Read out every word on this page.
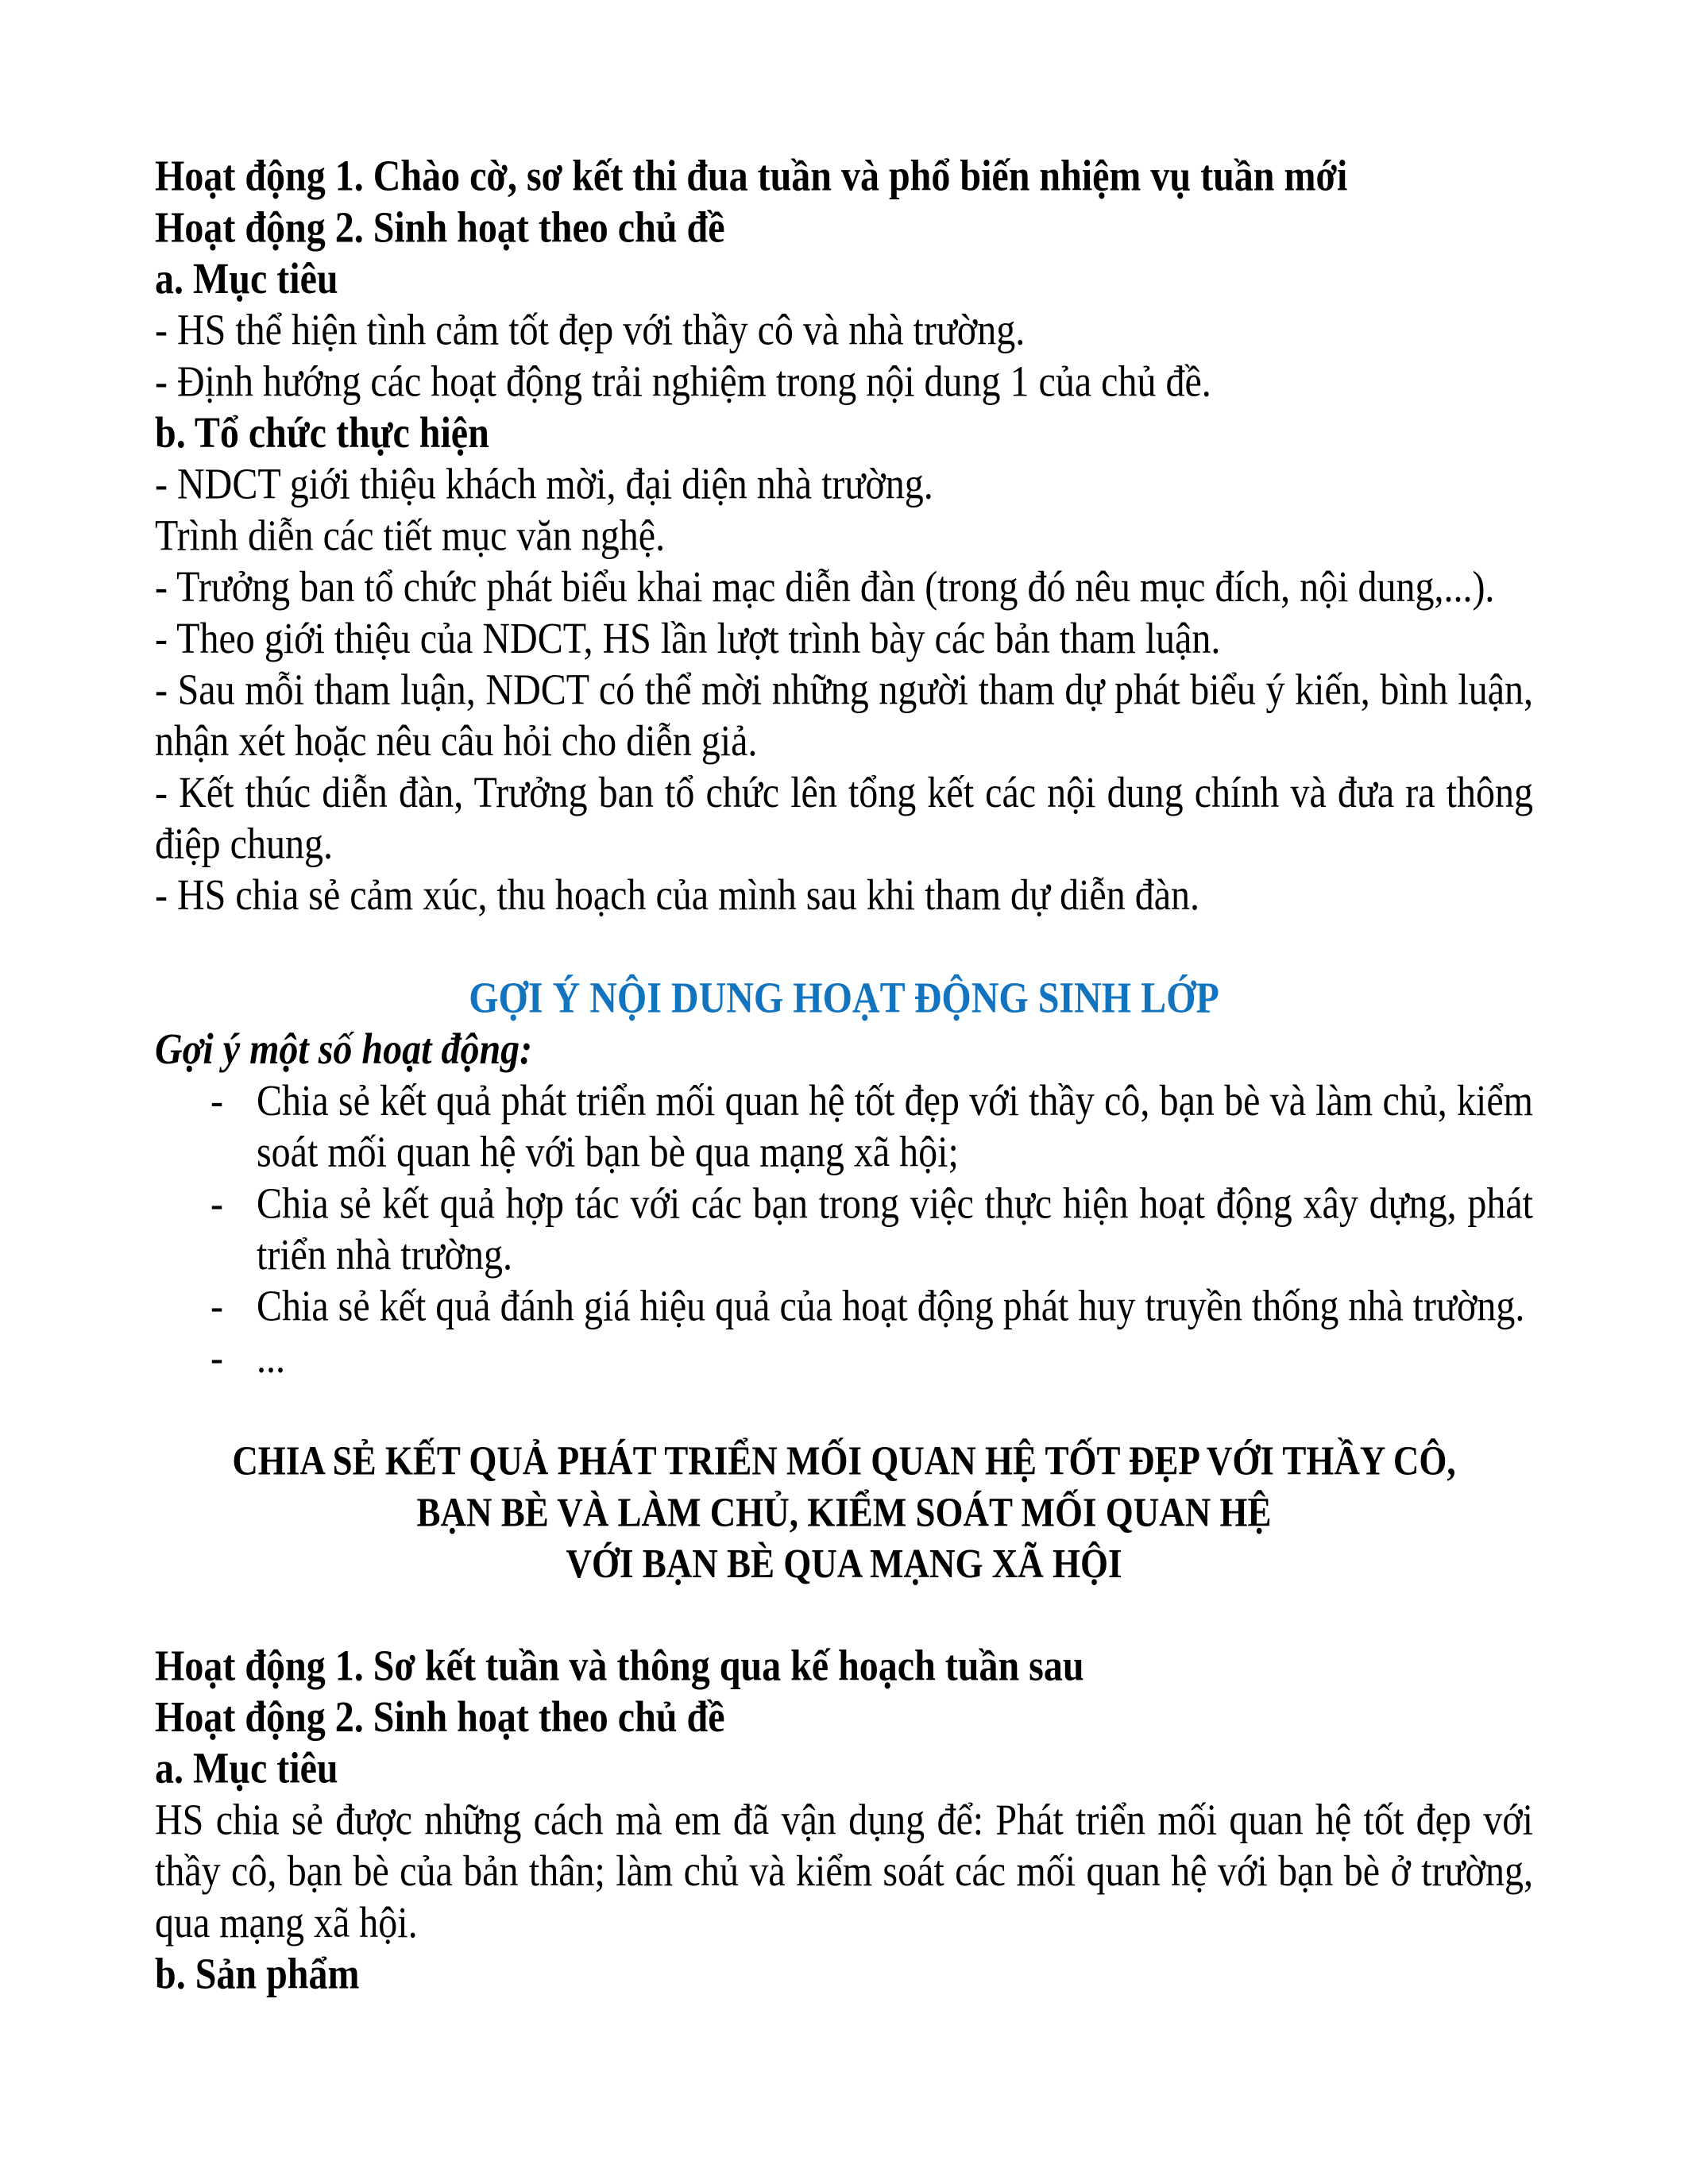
Hoạt động 1. Chào cờ, sơ kết thi đua tuần và phổ biến nhiệm vụ tuần mới

Hoạt động 2. Sinh hoạt theo chủ đề

a. Mục tiêu

- HS thể hiện tình cảm tốt đẹp với thầy cô và nhà trường.

- Định hướng các hoạt động trải nghiệm trong nội dung 1 của chủ đề.

b. Tổ chức thực hiện

- NDCT giới thiệu khách mời, đại diện nhà trường.

Trình diễn các tiết mục văn nghệ.

- Trưởng ban tổ chức phát biểu khai mạc diễn đàn (trong đó nêu mục đích, nội dung,...).

- Theo giới thiệu của NDCT, HS lần lượt trình bày các bản tham luận.

- Sau mỗi tham luận, NDCT có thể mời những người tham dự phát biểu ý kiến, bình luận, nhận xét hoặc nêu câu hỏi cho diễn giả.

- Kết thúc diễn đàn, Trưởng ban tổ chức lên tổng kết các nội dung chính và đưa ra thông điệp chung.

- HS chia sẻ cảm xúc, thu hoạch của mình sau khi tham dự diễn đàn.

GỢI Ý NỘI DUNG HOẠT ĐỘNG SINH LỚP

Gợi ý một số hoạt động:

- Chia sẻ kết quả phát triển mối quan hệ tốt đẹp với thầy cô, bạn bè và làm chủ, kiểm soát mối quan hệ với bạn bè qua mạng xã hội;
- Chia sẻ kết quả hợp tác với các bạn trong việc thực hiện hoạt động xây dựng, phát triển nhà trường.
- Chia sẻ kết quả đánh giá hiệu quả của hoạt động phát huy truyền thống nhà trường.
- ...

CHIA SẺ KẾT QUẢ PHÁT TRIỂN MỐI QUAN HỆ TỐT ĐẸP VỚI THẦY CÔ,

BẠN BÈ VÀ LÀM CHỦ, KIỂM SOÁT MỐI QUAN HỆ

VỚI BẠN BÈ QUA MẠNG XÃ HỘI

Hoạt động 1. Sơ kết tuần và thông qua kế hoạch tuần sau

Hoạt động 2. Sinh hoạt theo chủ đề

a. Mục tiêu

HS chia sẻ được những cách mà em đã vận dụng để: Phát triển mối quan hệ tốt đẹp với thầy cô, bạn bè của bản thân; làm chủ và kiểm soát các mối quan hệ với bạn bè ở trường, qua mạng xã hội.

b. Sản phẩm
